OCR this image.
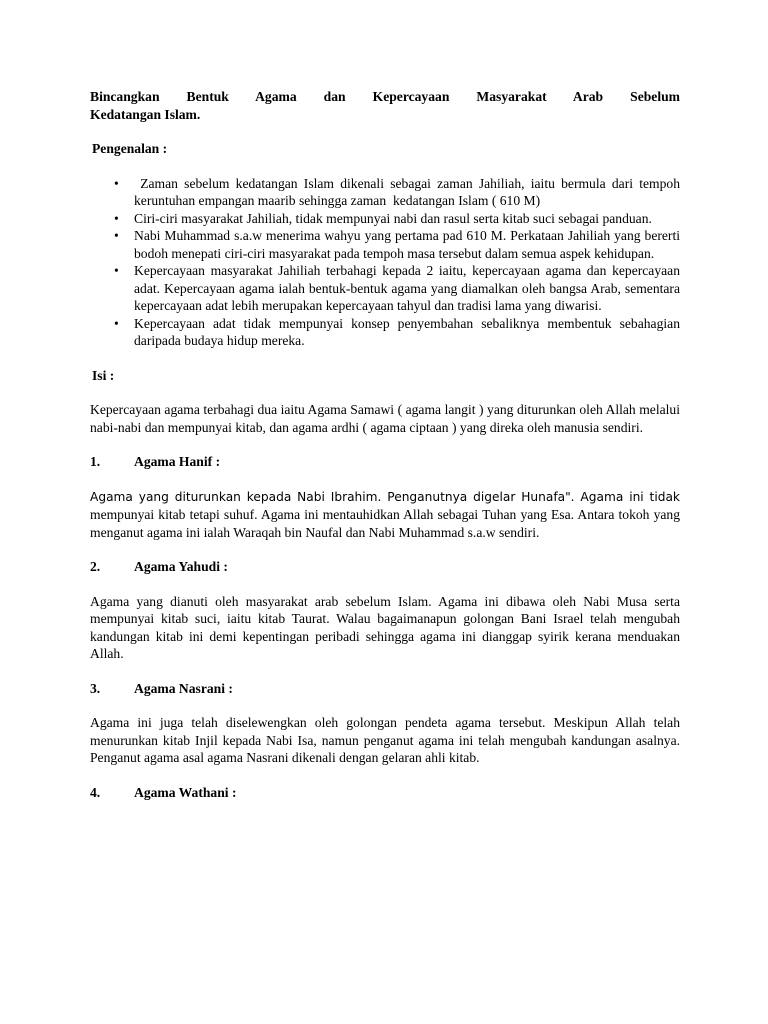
Bincangkan Bentuk Agama dan Kepercayaan Masyarakat Arab Sebelum
Kedatangan Islam.

Pengenalan :

• Zaman sebelum kedatangan Islam dikenali sebagai zaman Jahiliah, iaitu bermula dari tempoh keruntuhan empangan maarib sehingga zaman  kedatangan Islam ( 610 M)
• Ciri-ciri masyarakat Jahiliah, tidak mempunyai nabi dan rasul serta kitab suci sebagai panduan.
• Nabi Muhammad s.a.w menerima wahyu yang pertama pad 610 M. Perkataan Jahiliah yang bererti bodoh menepati ciri-ciri masyarakat pada tempoh masa tersebut dalam semua aspek kehidupan.
• Kepercayaan masyarakat Jahiliah terbahagi kepada 2 iaitu, kepercayaan agama dan kepercayaan adat. Kepercayaan agama ialah bentuk-bentuk agama yang diamalkan oleh bangsa Arab, sementara kepercayaan adat lebih merupakan kepercayaan tahyul dan tradisi lama yang diwarisi.
• Kepercayaan adat tidak mempunyai konsep penyembahan sebaliknya membentuk sebahagian daripada budaya hidup mereka.

Isi :

Kepercayaan agama terbahagi dua iaitu Agama Samawi ( agama langit ) yang diturunkan oleh Allah melalui nabi-nabi dan mempunyai kitab, dan agama ardhi ( agama ciptaan ) yang direka oleh manusia sendiri.

1.	Agama Hanif :

Agama yang diturunkan kepada Nabi Ibrahim. Penganutnya digelar Hunafa". Agama ini tidak mempunyai kitab tetapi suhuf. Agama ini mentauhidkan Allah sebagai Tuhan yang Esa. Antara tokoh yang menganut agama ini ialah Waraqah bin Naufal dan Nabi Muhammad s.a.w sendiri.

2.	Agama Yahudi :

Agama yang dianuti oleh masyarakat arab sebelum Islam. Agama ini dibawa oleh Nabi Musa serta mempunyai kitab suci, iaitu kitab Taurat. Walau bagaimanapun golongan Bani Israel telah mengubah kandungan kitab ini demi kepentingan peribadi sehingga agama ini dianggap syirik kerana menduakan Allah.

3.	Agama Nasrani :

Agama ini juga telah diselewengkan oleh golongan pendeta agama tersebut. Meskipun Allah telah menurunkan kitab Injil kepada Nabi Isa, namun penganut agama ini telah mengubah kandungan asalnya. Penganut agama asal agama Nasrani dikenali dengan gelaran ahli kitab.

4.	Agama Wathani :
